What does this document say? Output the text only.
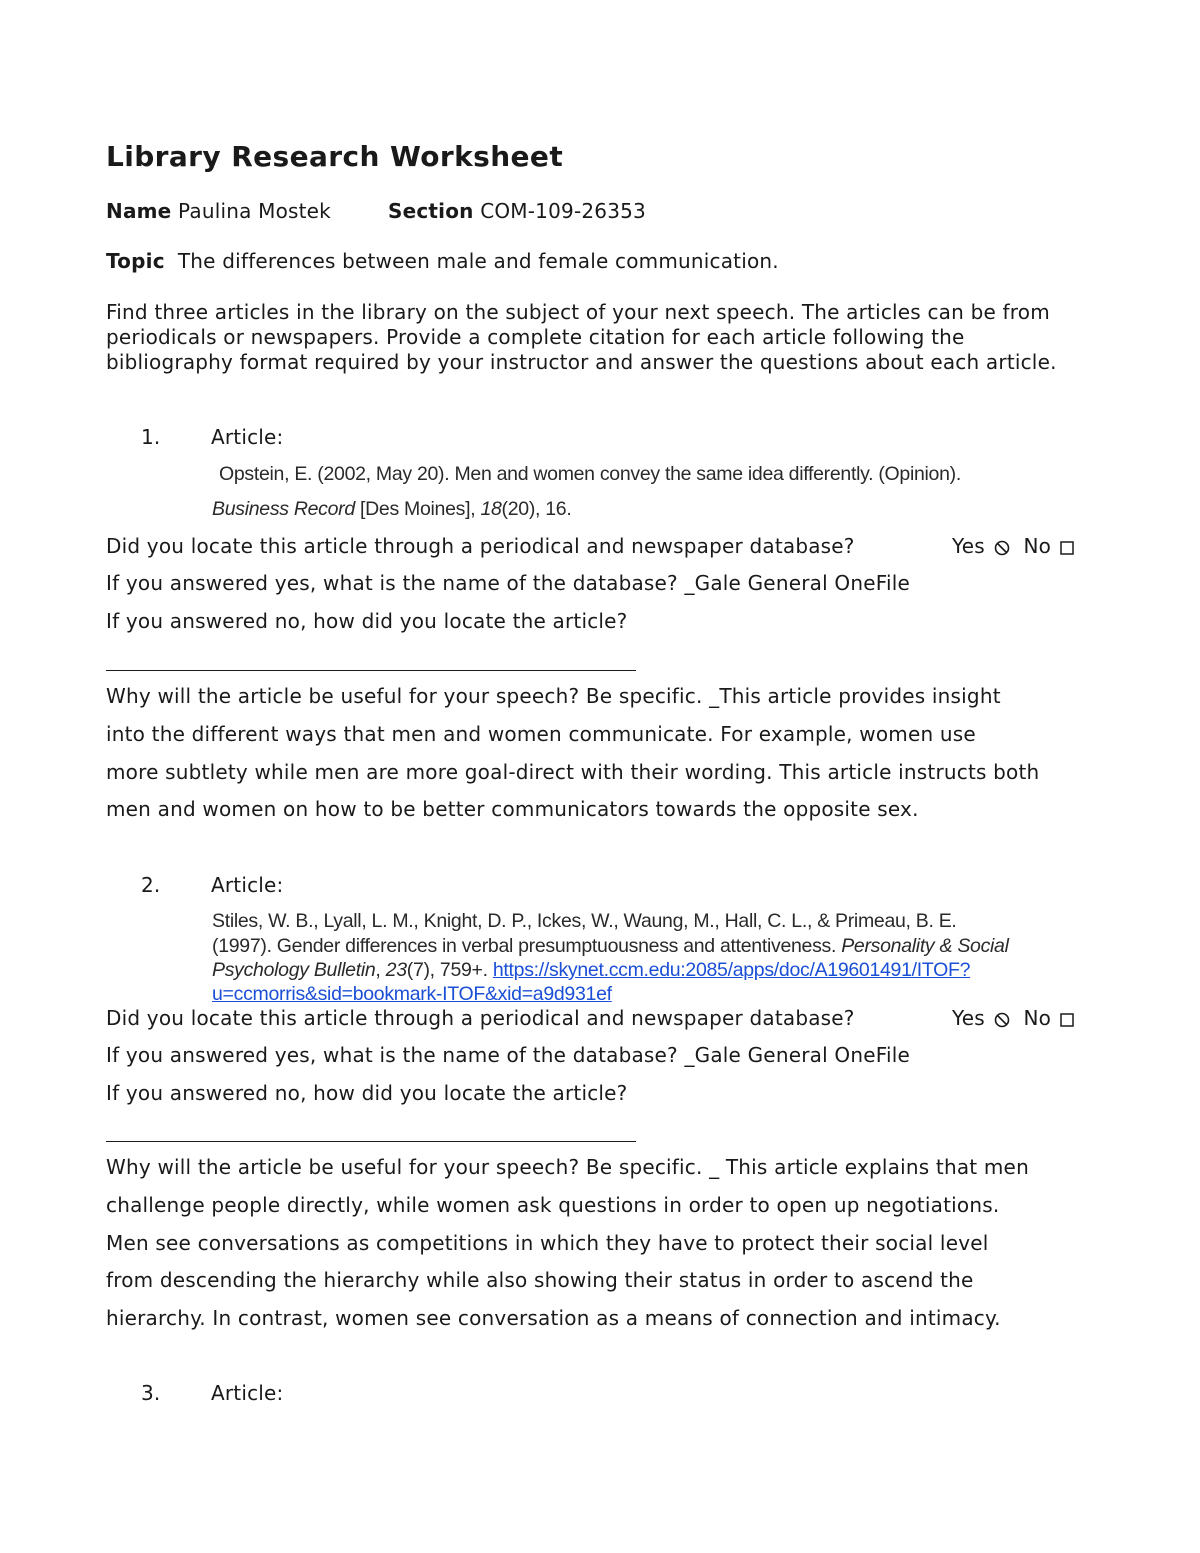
Library Research Worksheet
Name Paulina Mostek	Section COM-109-26353
Topic The differences between male and female communication.
Find three articles in the library on the subject of your next speech. The articles can be from periodicals or newspapers. Provide a complete citation for each article following the bibliography format required by your instructor and answer the questions about each article.
1.	Article:
Opstein, E. (2002, May 20). Men and women convey the same idea differently. (Opinion).
Business Record [Des Moines], 18(20), 16.
Did you locate this article through a periodical and newspaper database?	Yes No
If you answered yes, what is the name of the database? _Gale General OneFile
If you answered no, how did you locate the article?
Why will the article be useful for your speech? Be specific. _This article provides insight
into the different ways that men and women communicate. For example, women use
more subtlety while men are more goal-direct with their wording. This article instructs both
men and women on how to be better communicators towards the opposite sex.
2.	Article:
Stiles, W. B., Lyall, L. M., Knight, D. P., Ickes, W., Waung, M., Hall, C. L., & Primeau, B. E.
(1997). Gender differences in verbal presumptuousness and attentiveness. Personality & Social
Psychology Bulletin, 23(7), 759+. https://skynet.ccm.edu:2085/apps/doc/A19601491/ITOF?
u=ccmorris&sid=bookmark-ITOF&xid=a9d931ef
Did you locate this article through a periodical and newspaper database?	Yes No
If you answered yes, what is the name of the database? _Gale General OneFile
If you answered no, how did you locate the article?
Why will the article be useful for your speech? Be specific. _ This article explains that men
challenge people directly, while women ask questions in order to open up negotiations.
Men see conversations as competitions in which they have to protect their social level
from descending the hierarchy while also showing their status in order to ascend the
hierarchy. In contrast, women see conversation as a means of connection and intimacy.
3.	Article:
